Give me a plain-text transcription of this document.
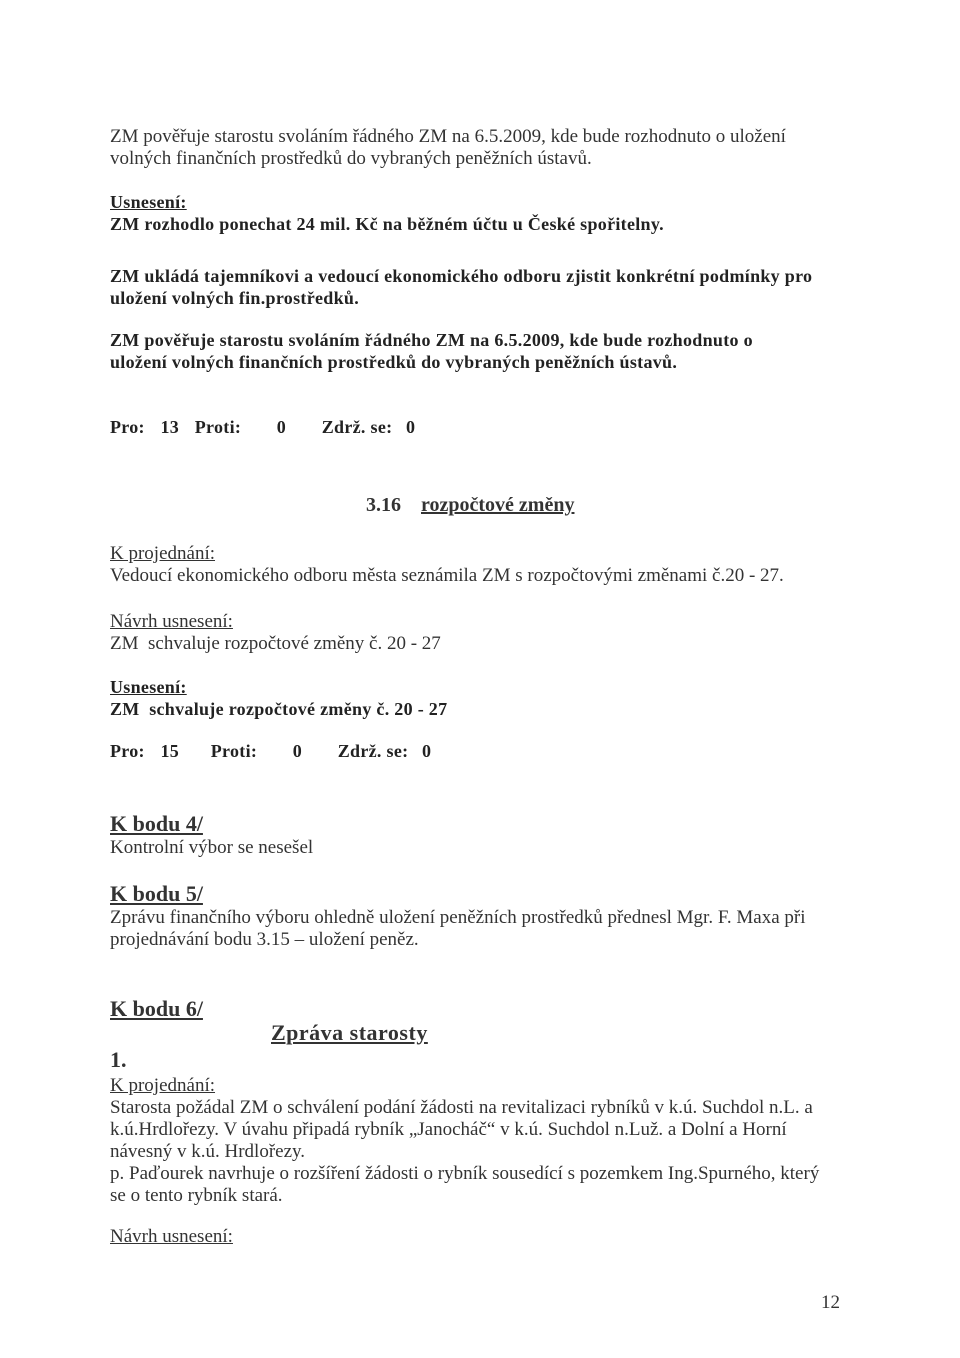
ZM pověřuje starostu svoláním řádného ZM na 6.5.2009, kde bude rozhodnuto o uložení

volných finančních prostředků do vybraných peněžních ústavů.

Usnesení:

ZM rozhodlo ponechat 24 mil. Kč na běžném účtu u České spořitelny.

ZM ukládá tajemníkovi a vedoucí ekonomického odboru zjistit konkrétní podmínky pro

uložení volných fin.prostředků.

ZM pověřuje starostu svoláním řádného ZM na 6.5.2009, kde bude rozhodnuto o

uložení volných finančních prostředků do vybraných peněžních ústavů.

Pro: 13 Proti: 0 Zdrž. se: 0

3.16 rozpočtové změny

K projednání:

Vedoucí ekonomického odboru města seznámila ZM s rozpočtovými změnami č.20 - 27.

Návrh usnesení:

ZM  schvaluje rozpočtové změny č. 20 - 27

Usnesení:

ZM  schvaluje rozpočtové změny č. 20 - 27

Pro: 15 Proti: 0 Zdrž. se: 0

K bodu 4/

Kontrolní výbor se nesešel

K bodu 5/

Zprávu finančního výboru ohledně uložení peněžních prostředků přednesl Mgr. F. Maxa při

projednávání bodu 3.15 – uložení peněz.

K bodu 6/

Zpráva starosty

1.

K projednání:

Starosta požádal ZM o schválení podání žádosti na revitalizaci rybníků v k.ú. Suchdol n.L. a

k.ú.Hrdlořezy. V úvahu připadá rybník „Janocháč“ v k.ú. Suchdol n.Luž. a Dolní a Horní

návesný v k.ú. Hrdlořezy.

p. Paďourek navrhuje o rozšíření žádosti o rybník sousedící s pozemkem Ing.Spurného, který

se o tento rybník stará.

Návrh usnesení:

12
